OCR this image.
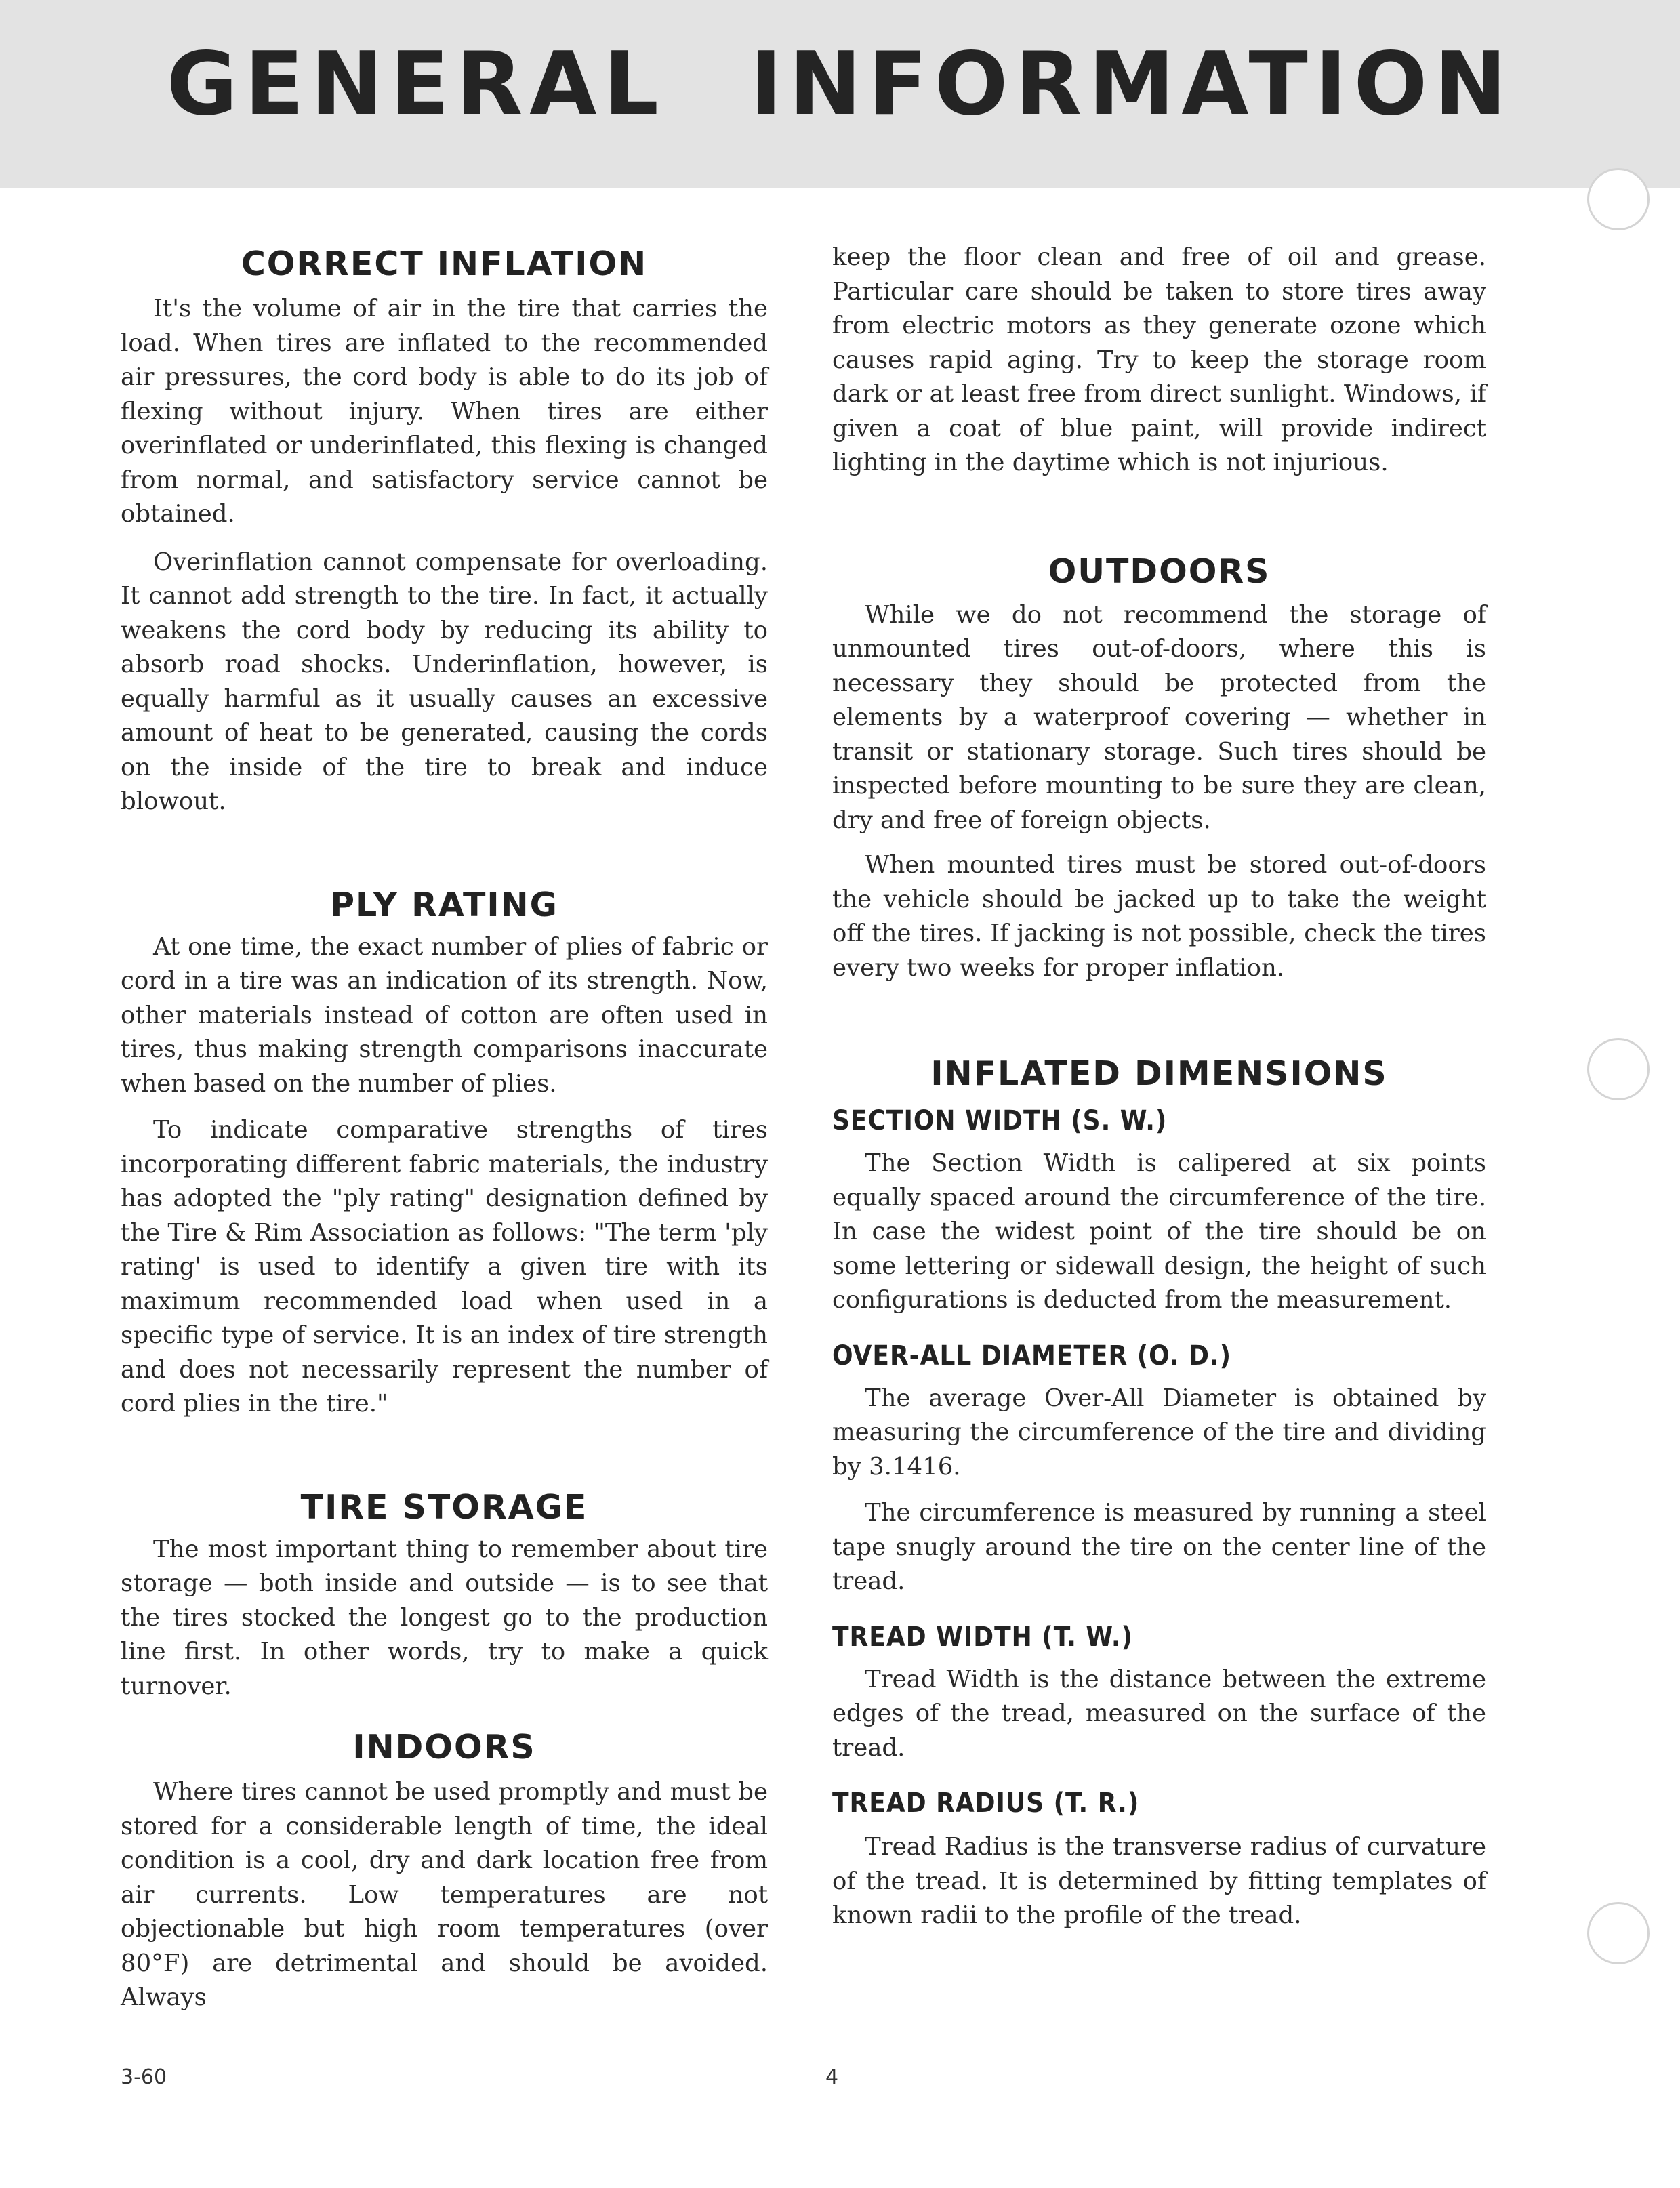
GENERAL INFORMATION
CORRECT INFLATION

It's the volume of air in the tire that carries the load. When tires are inflated to the recommended air pressures, the cord body is able to do its job of flexing without injury. When tires are either overinflated or underinflated, this flexing is changed from normal, and satisfactory service cannot be obtained.

Overinflation cannot compensate for overloading. It cannot add strength to the tire. In fact, it actually weakens the cord body by reducing its ability to absorb road shocks. Underinflation, however, is equally harmful as it usually causes an excessive amount of heat to be generated, causing the cords on the inside of the tire to break and induce blowout.

PLY RATING

At one time, the exact number of plies of fabric or cord in a tire was an indication of its strength. Now, other materials instead of cotton are often used in tires, thus making strength comparisons inaccurate when based on the number of plies.

To indicate comparative strengths of tires incorporating different fabric materials, the industry has adopted the "ply rating" designation defined by the Tire & Rim Association as follows: "The term 'ply rating' is used to identify a given tire with its maximum recommended load when used in a specific type of service. It is an index of tire strength and does not necessarily represent the number of cord plies in the tire."

TIRE STORAGE

The most important thing to remember about tire storage — both inside and outside — is to see that the tires stocked the longest go to the production line first. In other words, try to make a quick turnover.

INDOORS

Where tires cannot be used promptly and must be stored for a considerable length of time, the ideal condition is a cool, dry and dark location free from air currents. Low temperatures are not objectionable but high room temperatures (over 80°F) are detrimental and should be avoided. Always

keep the floor clean and free of oil and grease. Particular care should be taken to store tires away from electric motors as they generate ozone which causes rapid aging. Try to keep the storage room dark or at least free from direct sunlight. Windows, if given a coat of blue paint, will provide indirect lighting in the daytime which is not injurious.

OUTDOORS

While we do not recommend the storage of unmounted tires out-of-doors, where this is necessary they should be protected from the elements by a waterproof covering — whether in transit or stationary storage. Such tires should be inspected before mounting to be sure they are clean, dry and free of foreign objects.

When mounted tires must be stored out-of-doors the vehicle should be jacked up to take the weight off the tires. If jacking is not possible, check the tires every two weeks for proper inflation.

INFLATED DIMENSIONS
SECTION WIDTH (S. W.)

The Section Width is calipered at six points equally spaced around the circumference of the tire. In case the widest point of the tire should be on some lettering or sidewall design, the height of such configurations is deducted from the measurement.

OVER-ALL DIAMETER (O. D.)

The average Over-All Diameter is obtained by measuring the circumference of the tire and dividing by 3.1416.

The circumference is measured by running a steel tape snugly around the tire on the center line of the tread.

TREAD WIDTH (T. W.)

Tread Width is the distance between the extreme edges of the tread, measured on the surface of the tread.

TREAD RADIUS (T. R.)

Tread Radius is the transverse radius of curvature of the tread. It is determined by fitting templates of known radii to the profile of the tread.

3-60	4
